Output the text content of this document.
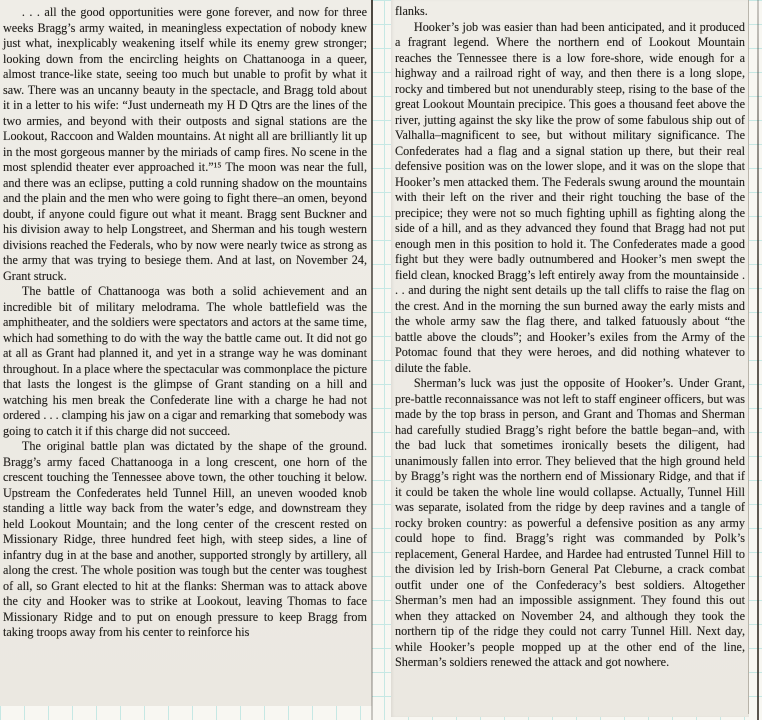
. . . all the good opportunities were gone forever, and now for three weeks Bragg’s army waited, in meaningless expectation of nobody knew just what, inexplicably weakening itself while its enemy grew stronger; looking down from the encircling heights on Chattanooga in a queer, almost trance-like state, seeing too much but unable to profit by what it saw. There was an uncanny beauty in the spectacle, and Bragg told about it in a letter to his wife: “Just underneath my H D Qtrs are the lines of the two armies, and beyond with their outposts and signal stations are the Lookout, Raccoon and Walden mountains. At night all are brilliantly lit up in the most gorgeous manner by the miriads of camp fires. No scene in the most splendid theater ever approached it.”¹⁵ The moon was near the full, and there was an eclipse, putting a cold running shadow on the mountains and the plain and the men who were going to fight there–an omen, beyond doubt, if anyone could figure out what it meant. Bragg sent Buckner and his division away to help Longstreet, and Sherman and his tough western divisions reached the Federals, who by now were nearly twice as strong as the army that was trying to besiege them. And at last, on November 24, Grant struck.

The battle of Chattanooga was both a solid achievement and an incredible bit of military melodrama. The whole battlefield was the amphitheater, and the soldiers were spectators and actors at the same time, which had something to do with the way the battle came out. It did not go at all as Grant had planned it, and yet in a strange way he was dominant throughout. In a place where the spectacular was commonplace the picture that lasts the longest is the glimpse of Grant standing on a hill and watching his men break the Confederate line with a charge he had not ordered . . . clamping his jaw on a cigar and remarking that somebody was going to catch it if this charge did not succeed.

The original battle plan was dictated by the shape of the ground. Bragg’s army faced Chattanooga in a long crescent, one horn of the crescent touching the Tennessee above town, the other touching it below. Upstream the Confederates held Tunnel Hill, an uneven wooded knob standing a little way back from the water’s edge, and downstream they held Lookout Mountain; and the long center of the crescent rested on Missionary Ridge, three hundred feet high, with steep sides, a line of infantry dug in at the base and another, supported strongly by artillery, all along the crest. The whole position was tough but the center was toughest of all, so Grant elected to hit at the flanks: Sherman was to attack above the city and Hooker was to strike at Lookout, leaving Thomas to face Missionary Ridge and to put on enough pressure to keep Bragg from taking troops away from his center to reinforce his

flanks.

Hooker’s job was easier than had been anticipated, and it produced a fragrant legend. Where the northern end of Lookout Mountain reaches the Tennessee there is a low fore-shore, wide enough for a highway and a railroad right of way, and then there is a long slope, rocky and timbered but not unendurably steep, rising to the base of the great Lookout Mountain precipice. This goes a thousand feet above the river, jutting against the sky like the prow of some fabulous ship out of Valhalla–magnificent to see, but without military significance. The Confederates had a flag and a signal station up there, but their real defensive position was on the lower slope, and it was on the slope that Hooker’s men attacked them. The Federals swung around the mountain with their left on the river and their right touching the base of the precipice; they were not so much fighting uphill as fighting along the side of a hill, and as they advanced they found that Bragg had not put enough men in this position to hold it. The Confederates made a good fight but they were badly outnumbered and Hooker’s men swept the field clean, knocked Bragg’s left entirely away from the mountainside . . . and during the night sent details up the tall cliffs to raise the flag on the crest. And in the morning the sun burned away the early mists and the whole army saw the flag there, and talked fatuously about “the battle above the clouds”; and Hooker’s exiles from the Army of the Potomac found that they were heroes, and did nothing whatever to dilute the fable.

Sherman’s luck was just the opposite of Hooker’s. Under Grant, pre-battle reconnaissance was not left to staff engineer officers, but was made by the top brass in person, and Grant and Thomas and Sherman had carefully studied Bragg’s right before the battle began–and, with the bad luck that sometimes ironically besets the diligent, had unanimously fallen into error. They believed that the high ground held by Bragg’s right was the northern end of Missionary Ridge, and that if it could be taken the whole line would collapse. Actually, Tunnel Hill was separate, isolated from the ridge by deep ravines and a tangle of rocky broken country: as powerful a defensive position as any army could hope to find. Bragg’s right was commanded by Polk’s replacement, General Hardee, and Hardee had entrusted Tunnel Hill to the division led by Irish-born General Pat Cleburne, a crack combat outfit under one of the Confederacy’s best soldiers. Altogether Sherman’s men had an impossible assignment. They found this out when they attacked on November 24, and although they took the northern tip of the ridge they could not carry Tunnel Hill. Next day, while Hooker’s people mopped up at the other end of the line, Sherman’s soldiers renewed the attack and got nowhere.
